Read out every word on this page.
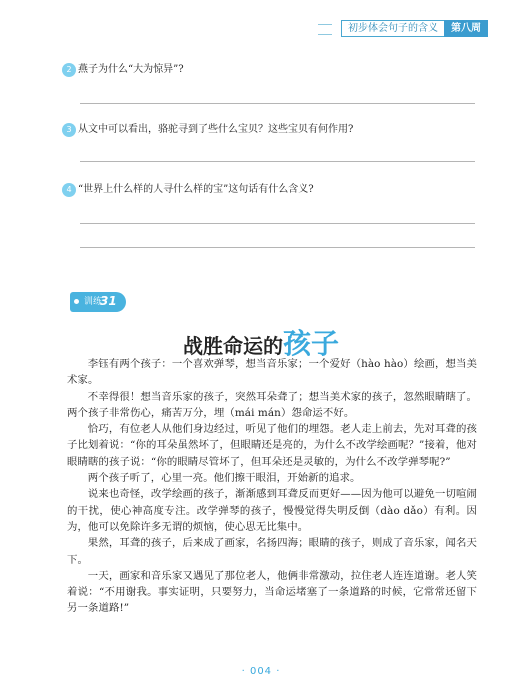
初步体会句子的含义	第八周
2 燕子为什么“大为惊异”?
3 从文中可以看出，骆驼寻到了些什么宝贝？这些宝贝有何作用?
4 “世界上什么样的人寻什么样的宝”这句话有什么含义?
训练
31
战胜命运的孩子

李钰有两个孩子：一个喜欢弹琴，想当音乐家；一个爱好（hào hào）绘画，想当美术家。

不幸得很！想当音乐家的孩子，突然耳朵聋了；想当美术家的孩子，忽然眼睛瞎了。两个孩子非常伤心，痛苦万分，埋（mái mán）怨命运不好。

恰巧，有位老人从他们身边经过，听见了他们的埋怨。老人走上前去，先对耳聋的孩子比划着说：“你的耳朵虽然坏了，但眼睛还是亮的，为什么不改学绘画呢？”接着，他对眼睛瞎的孩子说：“你的眼睛尽管坏了，但耳朵还是灵敏的，为什么不改学弹琴呢?”

两个孩子听了，心里一亮。他们擦干眼泪，开始新的追求。

说来也奇怪，改学绘画的孩子，渐渐感到耳聋反而更好——因为他可以避免一切喧闹的干扰，使心神高度专注。改学弹琴的孩子，慢慢觉得失明反倒（dào dǎo）有利。因为，他可以免除许多无谓的烦恼，使心思无比集中。

果然，耳聋的孩子，后来成了画家，名扬四海；眼睛的孩子，则成了音乐家，闻名天下。

一天，画家和音乐家又遇见了那位老人，他俩非常激动，拉住老人连连道谢。老人笑着说：“不用谢我。事实证明，只要努力，当命运堵塞了一条道路的时候，它常常还留下另一条道路!”

· 004 ·
